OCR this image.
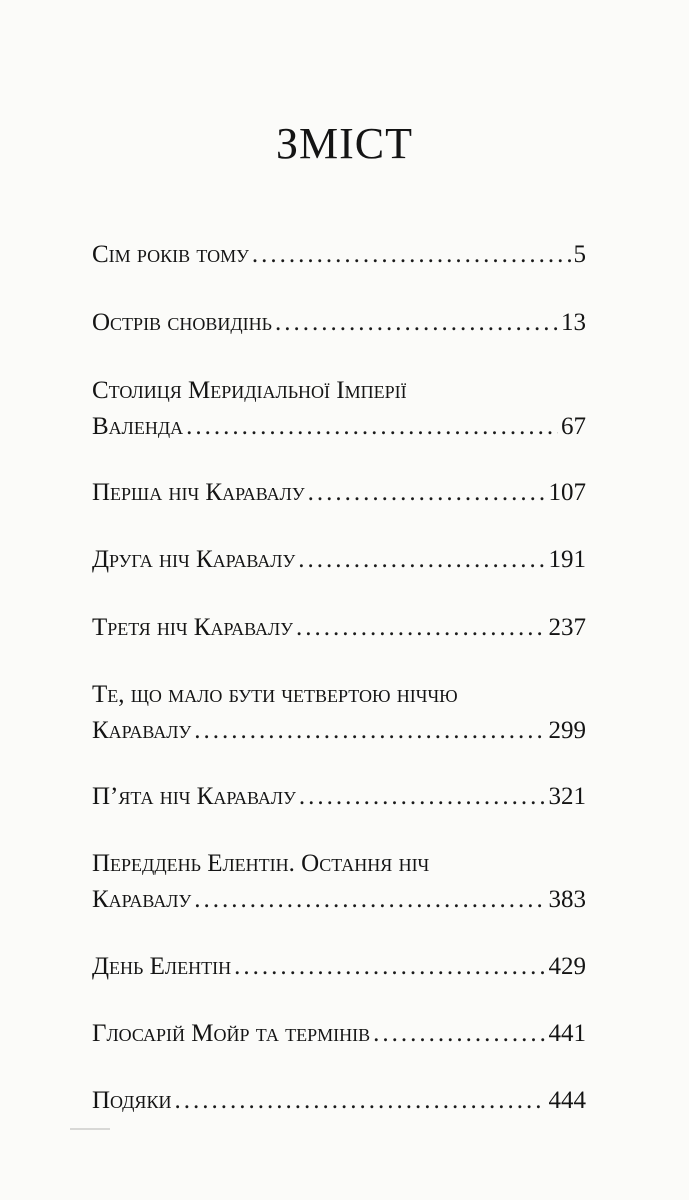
ЗМІСТ
Сім років тому .....	5
Острів сновидінь .....	13
Столиця Меридіальної Імперії
Валенда .....	67
Перша ніч Каравалу .....	107
Друга ніч Каравалу .....	191
Третя ніч Каравалу .....	237
Те, що мало бути четвертою ніччю
Каравалу .....	299
П’ята ніч Каравалу .....	321
Переддень Елентін. Остання ніч
Каравалу .....	383
День Елентін .....	429
Глосарій Мойр та термінів .....	441
Подяки .....	444
